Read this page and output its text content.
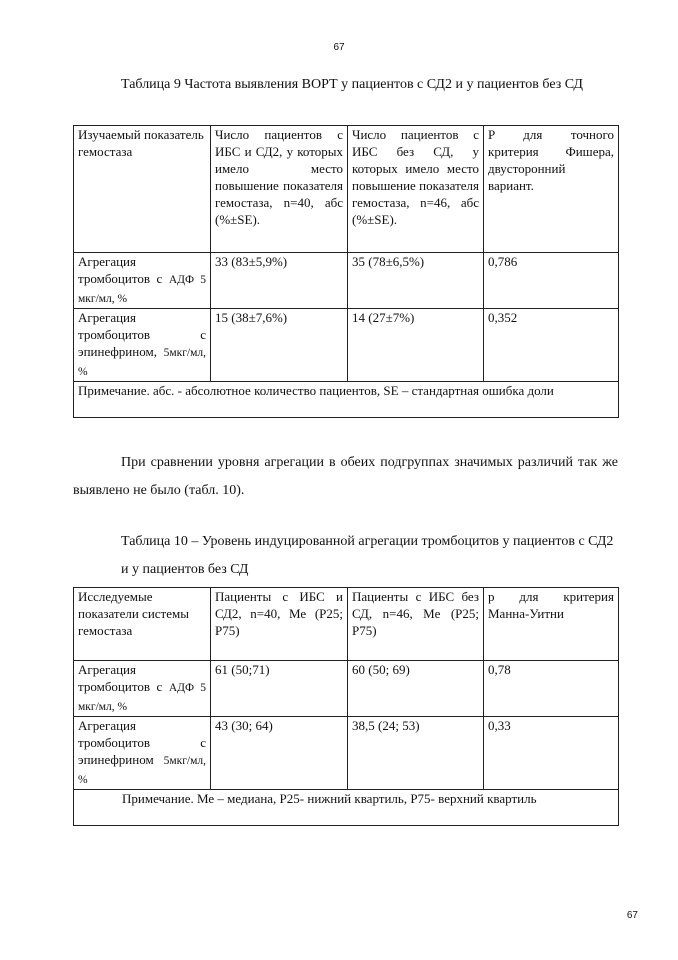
67
Таблица 9 Частота выявления ВОРТ у пациентов с СД2 и у пациентов без СД
Изучаемый показатель гемостаза	Число пациентов с ИБС и СД2, у которых имело место повышение показателя гемостаза, n=40, абс (%±SE).	Число пациентов с ИБС без СД, у которых имело место повышение показателя гемостаза, n=46, абс (%±SE).	P для точного критерия Фишера, двусторонний вариант.
Агрегация тромбоцитов с АДФ 5 мкг/мл, %	33 (83±5,9%)	35 (78±6,5%)	0,786
Агрегация тромбоцитов с эпинефрином, 5мкг/мл, %	15 (38±7,6%)	14 (27±7%)	0,352
Примечание. абс. - абсолютное количество пациентов, SE – стандартная ошибка доли			
При сравнении уровня агрегации в обеих подгруппах значимых различий так же выявлено не было (табл. 10).
Таблица 10 – Уровень индуцированной агрегации тромбоцитов у пациентов с СД2 и у пациентов без СД
Исследуемые показатели системы гемостаза	Пациенты с ИБС и СД2, n=40, Ме (P25; P75)	Пациенты с ИБС без СД, n=46, Ме (P25; P75)	р для критерия Манна-Уитни
Агрегация тромбоцитов с АДФ 5 мкг/мл, %	61 (50;71)	60 (50; 69)	0,78
Агрегация тромбоцитов с эпинефрином 5мкг/мл, %	43 (30; 64)	38,5 (24; 53)	0,33
Примечание. Ме – медиана, P25- нижний квартиль, P75- верхний квартиль			
67
